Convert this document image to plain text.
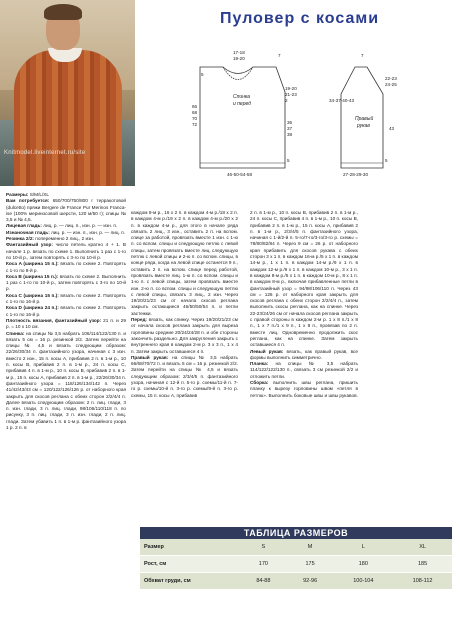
Knitmodel.liveinternet.ru/site
Пуловер с косами
Спинка
и перед
Правый
рукав
17-18
19-20
7
19-20
21-23
2
5
66
68
70
72	36
37
38
5
46-50-54-58
7
34-37-40-43
22-23
24-25
43
5
27-28-29-30

Размеры: S/M/L/XL

Вам потребуется: 650/700/750/800 г терракотовой (dulcetto) пряжи Bergere de France Pur Merinos Francaise (100% мериносовой шерсти, 120 м/50 г); спицы № 3,5 и № 4,5.

Лицевая гладь: лиц. р. — лиц. п., изн. р. — изн. п.

Изнаночная гладь: лиц. р. — изн. п., изн. р. — лиц. п.

Резинка 2/2: попеременно 2 лиц., 2 изн.

Фантазийный узор: число петель кратно 4 + 1. В начале 1 р. вязать по схеме 1. Выполнить 1 раз с 1-го по 10-й р., затем повторять с 3-го по 10-й р.

Коса A (ширина 15 п.): вязать по схеме 2. Повторять с 1-го по 8-й р.

Коса B (ширина 15 п.): вязать по схеме 2. Выполнить 1 раз с 1-го по 10-й р., затем повторять с 3-го по 10-й р.

Коса C (ширина 15 п.): вязать по схеме 2. Повторять с 1-го по 16-й р.

Коса D (ширина 24 п.): вязать по схеме 2. Повторять с 1-го по 16-й р.

Плотность вязания, фантазийный узор: 21 п. и 29 р. = 10 х 10 см.

Спинка: на спицы № 3,5 набрать 106/114/122/130 п. и вязать 5 см = 16 р. резинкой 2/2. Затем перейти на спицы № 4,5 и вязать следующим образом: 22/26/30/34 п. фантазийного узора, начиная с 3 изн. вместо 2 изн., 15 п. косы А, прибавив 2 п. в 1-м р., 10 п. косы B, прибавив 2 п. в 1-м р., 24 п. косы C, прибавив 4 п. в 1-м р., 10 п. косы B, прибавив 2 п. в 1-м р., 15 п. косы A, прибавив 2 п. в 1-м р., 22/26/30/34 п. фантазийного узора = 118/126/134/142 п. Через 41/42/43/43 см = 120/122/126/126 р. от наборного края закрыть для скосов реглана с обеих сторон 2/2/4/4 п. Далее вязать следующим образом: 2 п. лиц. глади, 3 п. изн. глади, 3 п. лиц. глади, 98/106/110/118 п. по рисунку, 3 п. лиц. глади, 3 п. изн. глади, 2 п. лиц. глади. Затем убавить 1 п. в 1-м р. фантазийного узора 1 р. 2 п. в

каждом 8-м р., 16 х 2 п. в каждом 4-м р./18 х 2 п. в каждом 4-м р./19 х 2 п. в каждом 4-м р./20 х 2 п. в каждом 4-м р., для этого в начале ряда связать 2 лиц., 3 изн., оставить 2 п. на вспом. спице за работой, провязать вместе 1 изн. с 1-ю п. со вспом. спицы и следующую петлю с левой спицы, затем провязать вместе лиц. следующую петлю с левой спицы и 2-ю п. со вспом. спицы, в конце ряда, когда на левой спице останется 9 п., оставить 2 п. на вспом. спице перед работой, провязать вместе лиц. 1-ю п. со вспом. спицы и 1-ю п. с левой спицы, затем провязать вместе изн. 2-ю п. со вспом. спицы и следующую петлю с левой спицы, связать 3 лиц., 2 изн. Через 19/20/21/23 см от начала скосов реглана закрыть остающиеся 46/50/50/54 п. и петли застежки.

Перед: вязать, как спинку. Через 19/20/21/23 см от начала скосов реглана закрыть для выреза горловины средние 20/24/24/28 п. и обе стороны закончить раздельно. Для закругления закрыть с внутреннего края в каждом 2-м р. 3 х 3 п., 1 х 4 п. Затем закрыть оставшиеся 4 п.

Правый рукав: на спицы № 3,5 набрать 66/68/70/72 п. и вязать 5 см = 16 р. резинкой 2/2. Затем перейти на спицы № 4,5 и вязать следующим образом: 2/3/4/5 п. фантазийного узора, начиная с 12-й п. 5-го р. схемы/11-й п. 7-го р. схемы/10-й п. 3-го р. схемы/9-й п. 3-го р. схемы, 15 п. косы A, прибавив

2 п. в 1-м р., 10 п. косы B, прибавив 2 п. в 1-м р., 24 п. косы C, прибавив 4 п. в 1-м р., 10 п. косы B, прибавив 2 п. в 1-м р., 15 п. косы A, прибавив 2 п. в 1-м р., 2/3/4/5 п. фантазийного узора, начиная с 1-й/2-й п. 5-го/7-го/3-го/3-го р. схемы = 78/80/82/84 п. Через 9 см = 26 р. от наборного края прибавить для скосов рукава с обеих сторон 3 х 1 п. в каждом 16-м р./5 х 1 п. в каждом 14-м р., 1 х 1 п. в каждом 14-м р./9 х 1 п. в каждом 12-м р./9 х 1 п. в каждом 10-м р., 3 х 1 п. в каждом 8-м р./5 х 1 п. в каждом 10-м р., 8 х 1 п. в каждом 8-м р., включая прибавленные петли в фантазийный узор = 94/98/106/110 п. Через 43 см = 126 р. от наборного края закрыть для скосов реглана с обеих сторон 2/2/4/4 п., затем выполнить скосы реглана, как на спинке. Через 22-23/24/26 см от начала скосов реглана закрыть с правой стороны в каждом 2-м р. 1 х 8 п./1 х 8 п., 1 х 7 п./1 х 9 п., 1 х 8 п., провязав по 2 п. вместе лиц. Одновременно продолжить скос реглана, как на спинке. Затем закрыть оставшиеся 4 п.

Левый рукав: вязать, как правый рукав, все формы выполнить симметрично.

Планка: на спицы № 3,5 набрать 114/122/122/130 п., связать 3 см резинкой 2/2 и отложить петли.

Сборка: выполнить швы реглана, пришить планку к вырезу горловины швом «петля в петлю». Выполнить боковые швы и швы рукавов.

ТАБЛИЦА РАЗМЕРОВ
Размер	S	M	L	XL
Рост, см	170	175	180	185
Обхват груди, см	84-88	92-96	100-104	108-112
